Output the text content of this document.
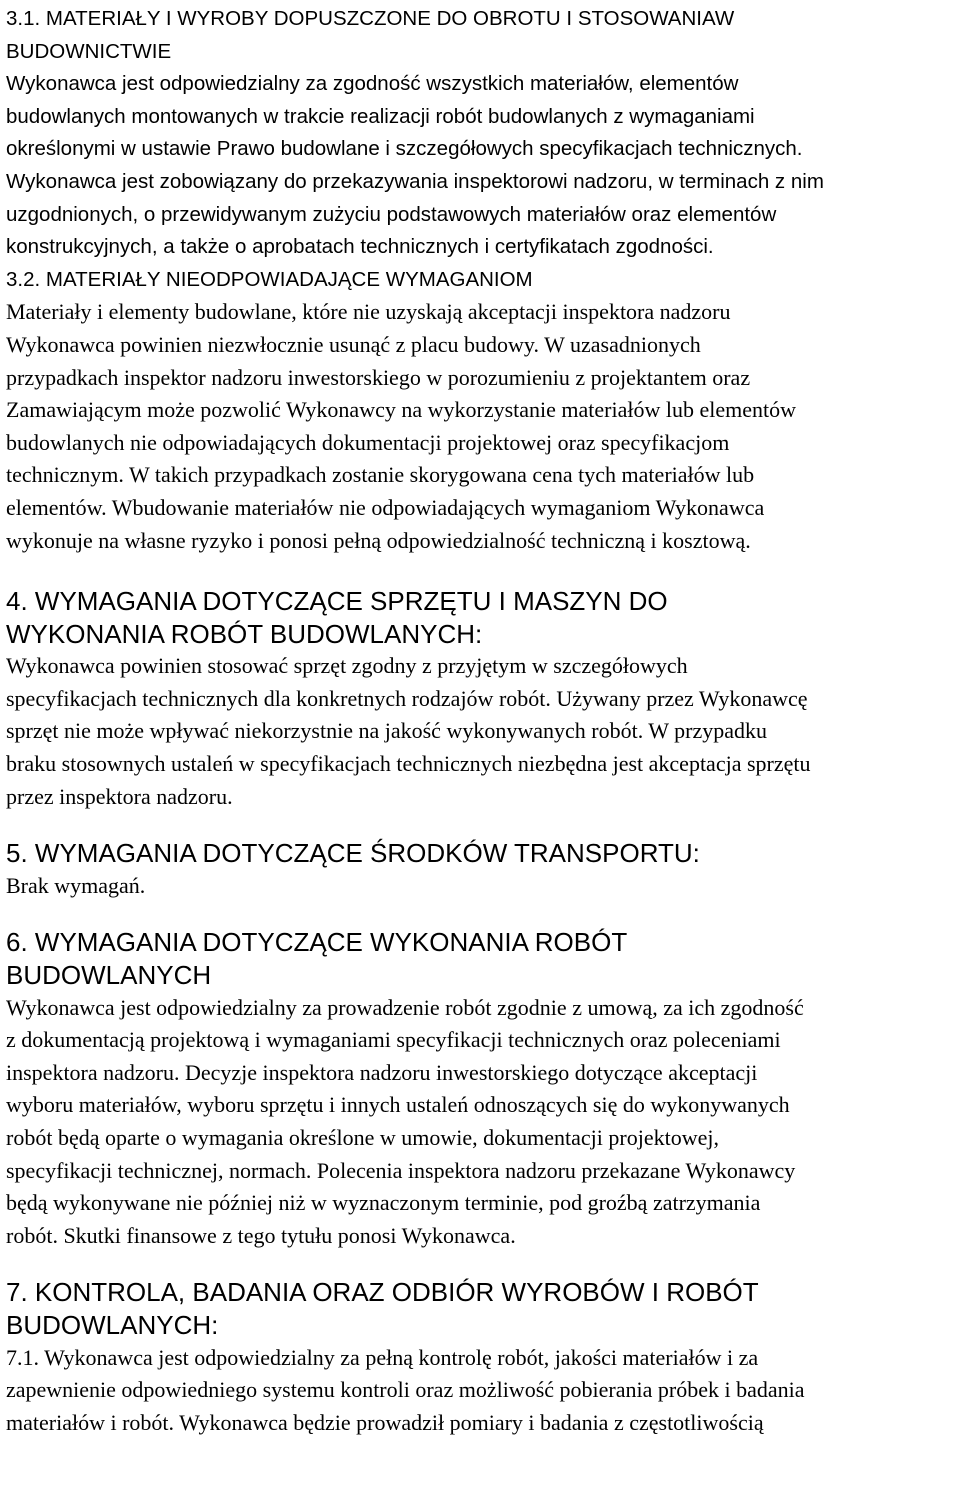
3.1. MATERIAŁY I WYROBY DOPUSZCZONE DO OBROTU I STOSOWANIAW
BUDOWNICTWIE
Wykonawca jest odpowiedzialny za zgodność wszystkich materiałów, elementów
budowlanych montowanych w trakcie realizacji robót budowlanych z wymaganiami
określonymi w ustawie Prawo budowlane i szczegółowych specyfikacjach technicznych.
Wykonawca jest zobowiązany do przekazywania inspektorowi nadzoru, w terminach z nim
uzgodnionych, o przewidywanym zużyciu podstawowych materiałów oraz elementów
konstrukcyjnych, a także o aprobatach technicznych i certyfikatach zgodności.
3.2. MATERIAŁY NIEODPOWIADAJĄCE WYMAGANIOM
Materiały i elementy budowlane, które nie uzyskają akceptacji inspektora nadzoru
Wykonawca powinien niezwłocznie usunąć z placu budowy. W uzasadnionych
przypadkach inspektor nadzoru inwestorskiego w porozumieniu z projektantem oraz
Zamawiającym może pozwolić Wykonawcy na wykorzystanie materiałów lub elementów
budowlanych nie odpowiadających dokumentacji projektowej oraz specyfikacjom
technicznym. W takich przypadkach zostanie skorygowana cena tych materiałów lub
elementów. Wbudowanie materiałów nie odpowiadających wymaganiom Wykonawca
wykonuje na własne ryzyko i ponosi pełną odpowiedzialność techniczną i kosztową.
4. WYMAGANIA DOTYCZĄCE SPRZĘTU I MASZYN DO
WYKONANIA ROBÓT BUDOWLANYCH:
Wykonawca powinien stosować sprzęt zgodny z przyjętym w szczegółowych
specyfikacjach technicznych dla konkretnych rodzajów robót. Używany przez Wykonawcę
sprzęt nie może wpływać niekorzystnie na jakość wykonywanych robót. W przypadku
braku stosownych ustaleń w specyfikacjach technicznych niezbędna jest akceptacja sprzętu
przez inspektora nadzoru.
5. WYMAGANIA DOTYCZĄCE ŚRODKÓW TRANSPORTU:
Brak wymagań.
6. WYMAGANIA DOTYCZĄCE WYKONANIA ROBÓT
BUDOWLANYCH
Wykonawca jest odpowiedzialny za prowadzenie robót zgodnie z umową, za ich zgodność
z dokumentacją projektową i wymaganiami specyfikacji technicznych oraz poleceniami
inspektora nadzoru. Decyzje inspektora nadzoru inwestorskiego dotyczące akceptacji
wyboru materiałów, wyboru sprzętu i innych ustaleń odnoszących się do wykonywanych
robót będą oparte o wymagania określone w umowie, dokumentacji projektowej,
specyfikacji technicznej, normach. Polecenia inspektora nadzoru przekazane Wykonawcy
będą wykonywane nie później niż w wyznaczonym terminie, pod groźbą zatrzymania
robót. Skutki finansowe z tego tytułu ponosi Wykonawca.
7. KONTROLA, BADANIA ORAZ ODBIÓR WYROBÓW I ROBÓT
BUDOWLANYCH:
7.1. Wykonawca jest odpowiedzialny za pełną kontrolę robót, jakości materiałów i za
zapewnienie odpowiedniego systemu kontroli oraz możliwość pobierania próbek i badania
materiałów i robót. Wykonawca będzie prowadził pomiary i badania z częstotliwością
